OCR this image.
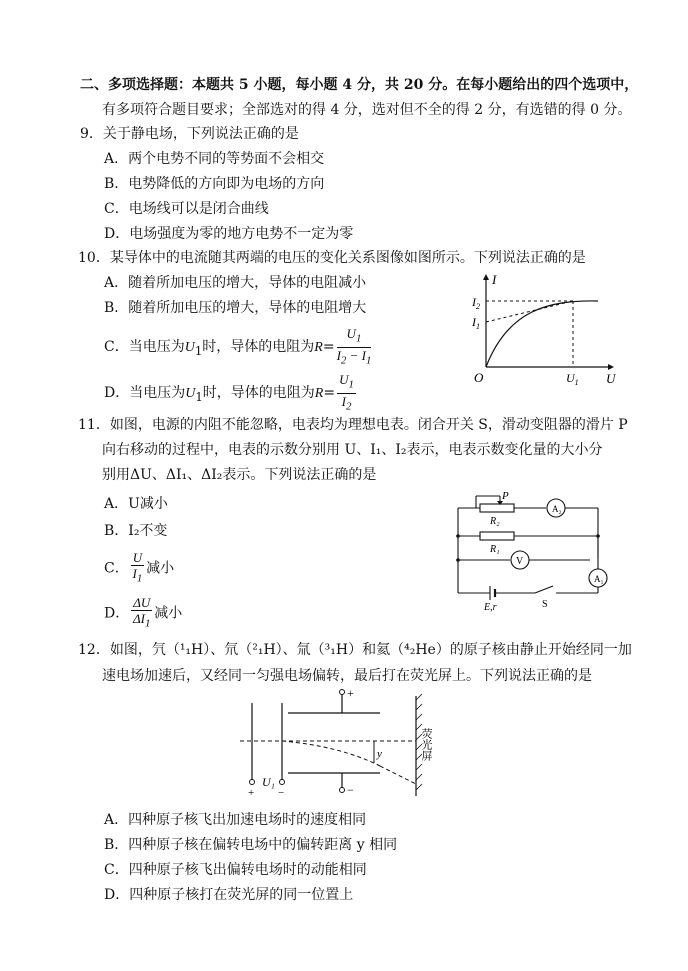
二、多项选择题：本题共 5 小题，每小题 4 分，共 20 分。在每小题给出的四个选项中，
有多项符合题目要求；全部选对的得 4 分，选对但不全的得 2 分，有选错的得 0 分。
9．关于静电场，下列说法正确的是
A．两个电势不同的等势面不会相交
B．电势降低的方向即为电场的方向
C．电场线可以是闭合曲线
D．电场强度为零的地方电势不一定为零
10．某导体中的电流随其两端的电压的变化关系图像如图所示。下列说法正确的是
A．随着所加电压的增大，导体的电阻减小
B．随着所加电压的增大，导体的电阻增大
C．当电压为$U_1$时，导体的电阻为$R= \frac{U_1}{I_2 - I_1}$
D．当电压为$U_1$时，导体的电阻为$R= \frac{U_1}{I_2}$
I
U
O
$I_2$
$I_1$
$U_1$
11．如图，电源的内阻不能忽略，电表均为理想电表。闭合开关 S，滑动变阻器的滑片 P
向右移动的过程中，电表的示数分别用 U、I₁、I₂表示，电表示数变化量的大小分
别用ΔU、ΔI₁、ΔI₂表示。下列说法正确的是
A．U减小
B．I₂不变
C． $\frac{U}{I_1}$ 减小
D． $\frac{\Delta U}{\Delta I_1}$ 减小
P
R₂
R₁
A₂
V
A₁
E,r	S
12．如图，氕（¹₁H）、氘（²₁H）、氚（³₁H）和氦（⁴₂He）的原子核由静止开始经同一加
速电场加速后，又经同一匀强电场偏转，最后打在荧光屏上。下列说法正确的是
+
−
U₁
+ −
y	荧光屏
A．四种原子核飞出加速电场时的速度相同
B．四种原子核在偏转电场中的偏转距离 y 相同
C．四种原子核飞出偏转电场时的动能相同
D．四种原子核打在荧光屏的同一位置上
